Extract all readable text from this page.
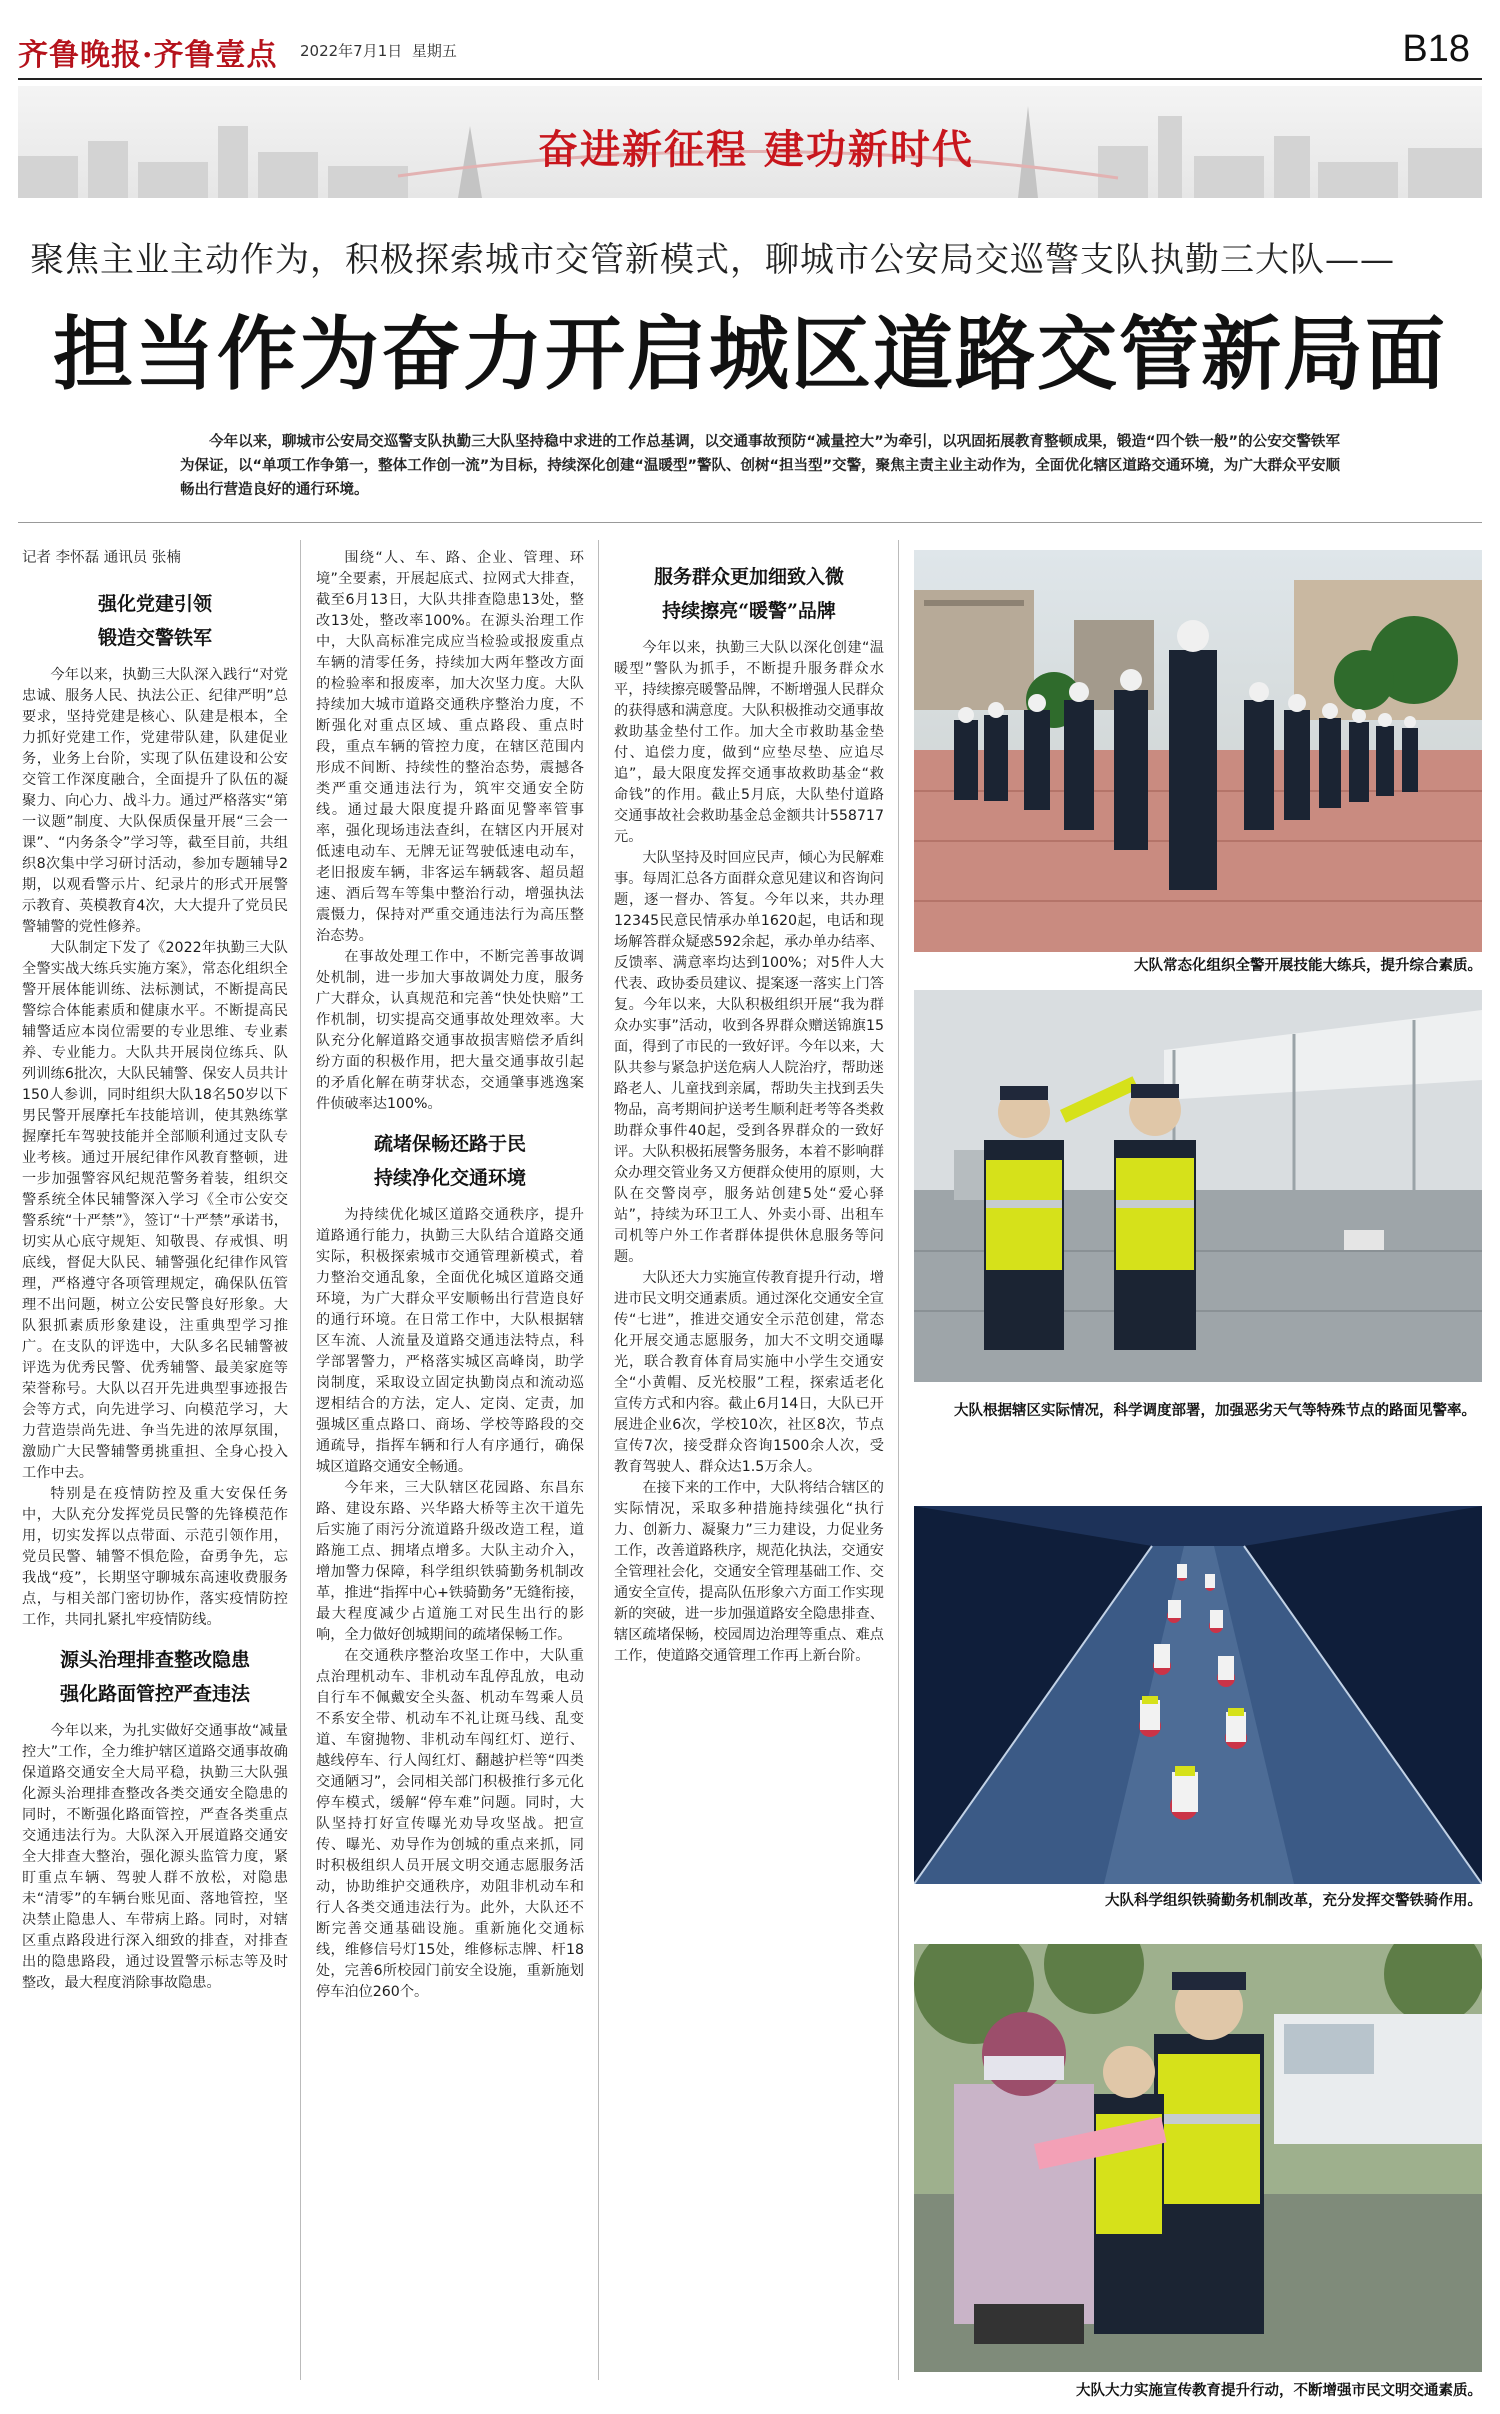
齐鲁晚报·齐鲁壹点 2022年7月1日 星期五	B18
奋进新征程 建功新时代
聚焦主业主动作为，积极探索城市交管新模式，聊城市公安局交巡警支队执勤三大队——
担当作为奋力开启城区道路交管新局面
今年以来，聊城市公安局交巡警支队执勤三大队坚持稳中求进的工作总基调，以交通事故预防“减量控大”为牵引，以巩固拓展教育整顿成果，锻造“四个铁一般”的公安交警铁军为保证，以“单项工作争第一，整体工作创一流”为目标，持续深化创建“温暖型”警队、创树“担当型”交警，聚焦主责主业主动作为，全面优化辖区道路交通环境，为广大群众平安顺畅出行营造良好的通行环境。
记者 李怀磊 通讯员 张楠
强化党建引领
锻造交警铁军

今年以来，执勤三大队深入践行“对党忠诚、服务人民、执法公正、纪律严明”总要求，坚持党建是核心、队建是根本，全力抓好党建工作，党建带队建，队建促业务，业务上台阶，实现了队伍建设和公安交管工作深度融合，全面提升了队伍的凝聚力、向心力、战斗力。通过严格落实“第一议题”制度、大队保质保量开展“三会一课”、“内务条令”学习等，截至目前，共组织8次集中学习研讨活动，参加专题辅导2期，以观看警示片、纪录片的形式开展警示教育、英模教育4次，大大提升了党员民警辅警的党性修养。

大队制定下发了《2022年执勤三大队全警实战大练兵实施方案》，常态化组织全警开展体能训练、法标测试，不断提高民警综合体能素质和健康水平。不断提高民辅警适应本岗位需要的专业思维、专业素养、专业能力。大队共开展岗位练兵、队列训练6批次，大队民辅警、保安人员共计150人参训，同时组织大队18名50岁以下男民警开展摩托车技能培训，使其熟练掌握摩托车驾驶技能并全部顺利通过支队专业考核。通过开展纪律作风教育整顿，进一步加强警容风纪规范警务着装，组织交警系统全体民辅警深入学习《全市公安交警系统“十严禁”》，签订“十严禁”承诺书，切实从心底守规矩、知敬畏、存戒惧、明底线，督促大队民、辅警强化纪律作风管理，严格遵守各项管理规定，确保队伍管理不出问题，树立公安民警良好形象。大队狠抓素质形象建设，注重典型学习推广。在支队的评选中，大队多名民辅警被评选为优秀民警、优秀辅警、最美家庭等荣誉称号。大队以召开先进典型事迹报告会等方式，向先进学习、向模范学习，大力营造崇尚先进、争当先进的浓厚氛围，激励广大民警辅警勇挑重担、全身心投入工作中去。

特别是在疫情防控及重大安保任务中，大队充分发挥党员民警的先锋模范作用，切实发挥以点带面、示范引领作用，党员民警、辅警不惧危险，奋勇争先，忘我战“疫”，长期坚守聊城东高速收费服务点，与相关部门密切协作，落实疫情防控工作，共同扎紧扎牢疫情防线。

源头治理排查整改隐患
强化路面管控严查违法

今年以来，为扎实做好交通事故“减量控大”工作，全力维护辖区道路交通事故确保道路交通安全大局平稳，执勤三大队强化源头治理排查整改各类交通安全隐患的同时，不断强化路面管控，严查各类重点交通违法行为。大队深入开展道路交通安全大排查大整治，强化源头监管力度，紧盯重点车辆、驾驶人群不放松，对隐患未“清零”的车辆台账见面、落地管控，坚决禁止隐患人、车带病上路。同时，对辖区重点路段进行深入细致的排查，对排查出的隐患路段，通过设置警示标志等及时整改，最大程度消除事故隐患。

围绕“人、车、路、企业、管理、环境”全要素，开展起底式、拉网式大排查，截至6月13日，大队共排查隐患13处，整改13处，整改率100%。在源头治理工作中，大队高标准完成应当检验或报废重点车辆的清零任务，持续加大两年整改方面的检验率和报废率，加大次坚力度。大队持续加大城市道路交通秩序整治力度，不断强化对重点区域、重点路段、重点时段，重点车辆的管控力度，在辖区范围内形成不间断、持续性的整治态势，震撼各类严重交通违法行为，筑牢交通安全防线。通过最大限度提升路面见警率管事率，强化现场违法查纠，在辖区内开展对低速电动车、无牌无证驾驶低速电动车，老旧报废车辆，非客运车辆载客、超员超速、酒后驾车等集中整治行动，增强执法震慑力，保持对严重交通违法行为高压整治态势。

在事故处理工作中，不断完善事故调处机制，进一步加大事故调处力度，服务广大群众，认真规范和完善“快处快赔”工作机制，切实提高交通事故处理效率。大队充分化解道路交通事故损害赔偿矛盾纠纷方面的积极作用，把大量交通事故引起的矛盾化解在萌芽状态，交通肇事逃逸案件侦破率达100%。

疏堵保畅还路于民
持续净化交通环境

为持续优化城区道路交通秩序，提升道路通行能力，执勤三大队结合道路交通实际，积极探索城市交通管理新模式，着力整治交通乱象，全面优化城区道路交通环境，为广大群众平安顺畅出行营造良好的通行环境。在日常工作中，大队根据辖区车流、人流量及道路交通违法特点，科学部署警力，严格落实城区高峰岗，助学岗制度，采取设立固定执勤岗点和流动巡逻相结合的方法，定人、定岗、定责，加强城区重点路口、商场、学校等路段的交通疏导，指挥车辆和行人有序通行，确保城区道路交通安全畅通。

今年来，三大队辖区花园路、东昌东路、建设东路、兴华路大桥等主次干道先后实施了雨污分流道路升级改造工程，道路施工点、拥堵点增多。大队主动介入，增加警力保障，科学组织铁骑勤务机制改革，推进“指挥中心+铁骑勤务”无缝衔接，最大程度减少占道施工对民生出行的影响，全力做好创城期间的疏堵保畅工作。

在交通秩序整治攻坚工作中，大队重点治理机动车、非机动车乱停乱放，电动自行车不佩戴安全头盔、机动车驾乘人员不系安全带、机动车不礼让斑马线、乱变道、车窗抛物、非机动车闯红灯、逆行、越线停车、行人闯红灯、翻越护栏等“四类交通陋习”，会同相关部门积极推行多元化停车模式，缓解“停车难”问题。同时，大队坚持打好宣传曝光劝导攻坚战。把宣传、曝光、劝导作为创城的重点来抓，同时积极组织人员开展文明交通志愿服务活动，协助维护交通秩序，劝阻非机动车和行人各类交通违法行为。此外，大队还不断完善交通基础设施。重新施化交通标线，维修信号灯15处，维修标志牌、杆18处，完善6所校园门前安全设施，重新施划停车泊位260个。

服务群众更加细致入微
持续擦亮“暖警”品牌

今年以来，执勤三大队以深化创建“温暖型”警队为抓手，不断提升服务群众水平，持续擦亮暖警品牌，不断增强人民群众的获得感和满意度。大队积极推动交通事故救助基金垫付工作。加大全市救助基金垫付、追偿力度，做到“应垫尽垫、应追尽追”，最大限度发挥交通事故救助基金“救命钱”的作用。截止5月底，大队垫付道路交通事故社会救助基金总金额共计558717元。

大队坚持及时回应民声，倾心为民解难事。每周汇总各方面群众意见建议和咨询问题，逐一督办、答复。今年以来，共办理12345民意民情承办单1620起，电话和现场解答群众疑惑592余起，承办单办结率、反馈率、满意率均达到100%；对5件人大代表、政协委员建议、提案逐一落实上门答复。今年以来，大队积极组织开展“我为群众办实事”活动，收到各界群众赠送锦旗15面，得到了市民的一致好评。今年以来，大队共参与紧急护送危病人人院治疗，帮助迷路老人、儿童找到亲属，帮助失主找到丢失物品，高考期间护送考生顺利赶考等各类救助群众事件40起，受到各界群众的一致好评。大队积极拓展警务服务，本着不影响群众办理交管业务又方便群众使用的原则，大队在交警岗亭，服务站创建5处“爱心驿站”，持续为环卫工人、外卖小哥、出租车司机等户外工作者群体提供休息服务等问题。

大队还大力实施宣传教育提升行动，增进市民文明交通素质。通过深化交通安全宣传“七进”，推进交通安全示范创建，常态化开展交通志愿服务，加大不文明交通曝光，联合教育体育局实施中小学生交通安全“小黄帽、反光校服”工程，探索适老化宣传方式和内容。截止6月14日，大队已开展进企业6次，学校10次，社区8次，节点宣传7次，接受群众咨询1500余人次，受教育驾驶人、群众达1.5万余人。

在接下来的工作中，大队将结合辖区的实际情况，采取多种措施持续强化“执行力、创新力、凝聚力”三力建设，力促业务工作，改善道路秩序，规范化执法，交通安全管理社会化，交通安全管理基础工作、交通安全宣传，提高队伍形象六方面工作实现新的突破，进一步加强道路安全隐患排查、辖区疏堵保畅，校园周边治理等重点、难点工作，使道路交通管理工作再上新台阶。

大队常态化组织全警开展技能大练兵，提升综合素质。
大队根据辖区实际情况，科学调度部署，加强恶劣天气等特殊节点的路面见警率。
大队科学组织铁骑勤务机制改革，充分发挥交警铁骑作用。
大队大力实施宣传教育提升行动，不断增强市民文明交通素质。
